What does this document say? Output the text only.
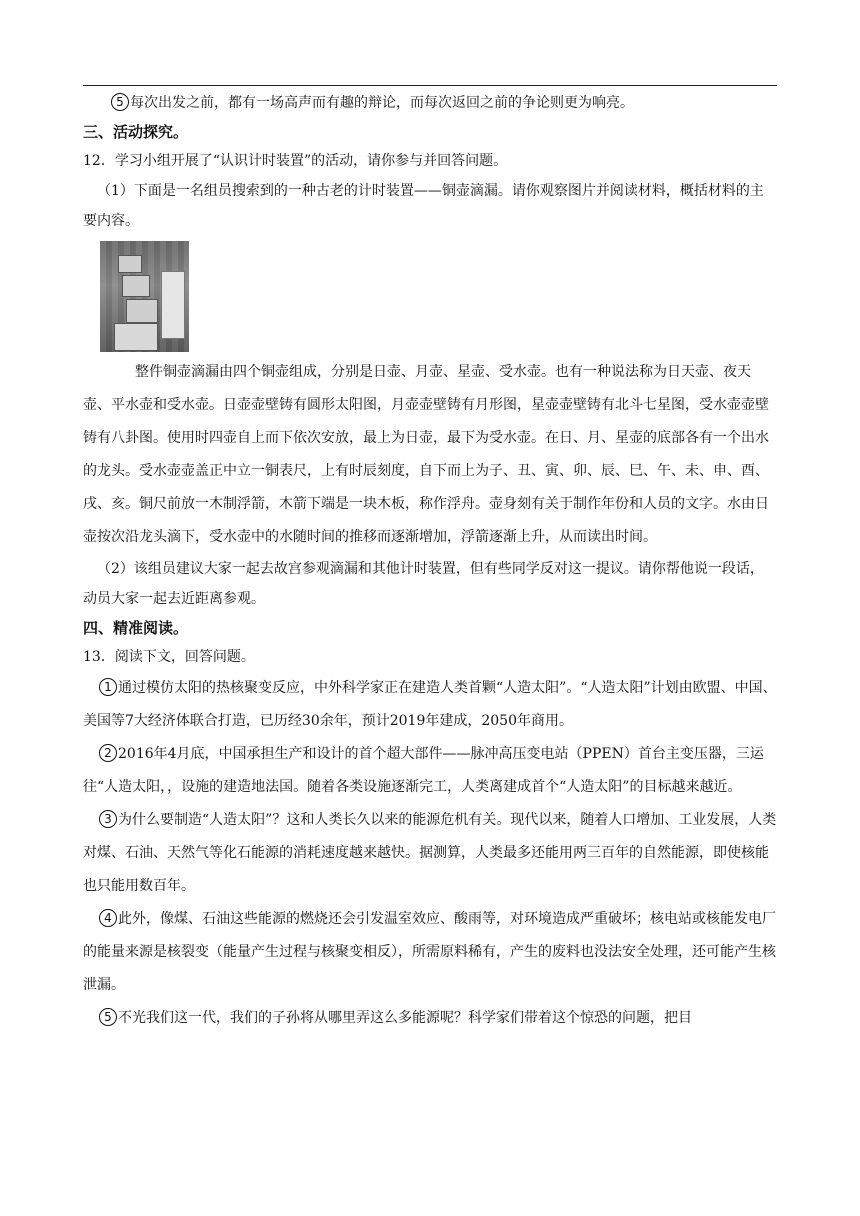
5 每次出发之前，都有一场高声而有趣的辩论，而每次返回之前的争论则更为响亮。

三、活动探究。

12．学习小组开展了“认识计时装置”的活动，请你参与并回答问题。

（1）下面是一名组员搜索到的一种古老的计时装置——铜壶滴漏。请你观察图片并阅读材料，概括材料的主要内容。

整件铜壶滴漏由四个铜壶组成，分别是日壶、月壶、星壶、受水壶。也有一种说法称为日天壶、夜天壶、平水壶和受水壶。日壶壶壁铸有圆形太阳图，月壶壶壁铸有月形图，星壶壶壁铸有北斗七星图，受水壶壶壁铸有八卦图。使用时四壶自上而下依次安放，最上为日壶，最下为受水壶。在日、月、星壶的底部各有一个出水的龙头。受水壶壶盖正中立一铜表尺，上有时辰刻度，自下而上为子、丑、寅、卯、辰、巳、午、未、申、酉、戌、亥。铜尺前放一木制浮箭，木箭下端是一块木板，称作浮舟。壶身刻有关于制作年份和人员的文字。水由日壶按次沿龙头滴下，受水壶中的水随时间的推移而逐渐增加，浮箭逐渐上升，从而读出时间。

（2）该组员建议大家一起去故宫参观滴漏和其他计时装置，但有些同学反对这一提议。请你帮他说一段话，动员大家一起去近距离参观。

四、精准阅读。

13．阅读下文，回答问题。

1 通过模仿太阳的热核聚变反应，中外科学家正在建造人类首颗“人造太阳”。“人造太阳”计划由欧盟、中国、美国等7大经济体联合打造，已历经30余年，预计2019年建成，2050年商用。

2 2016年4月底，中国承担生产和设计的首个超大部件——脉冲高压变电站（PPEN）首台主变压器，三运往“人造太阳，，设施的建造地法国。随着各类设施逐渐完工，人类离建成首个“人造太阳”的目标越来越近。

3 为什么要制造“人造太阳”？这和人类长久以来的能源危机有关。现代以来，随着人口增加、工业发展，人类对煤、石油、天然气等化石能源的消耗速度越来越快。据测算，人类最多还能用两三百年的自然能源，即使核能也只能用数百年。

4 此外，像煤、石油这些能源的燃烧还会引发温室效应、酸雨等，对环境造成严重破坏；核电站或核能发电厂的能量来源是核裂变（能量产生过程与核聚变相反），所需原料稀有，产生的废料也没法安全处理，还可能产生核泄漏。

5 不光我们这一代，我们的子孙将从哪里弄这么多能源呢？科学家们带着这个惊恐的问题，把目
